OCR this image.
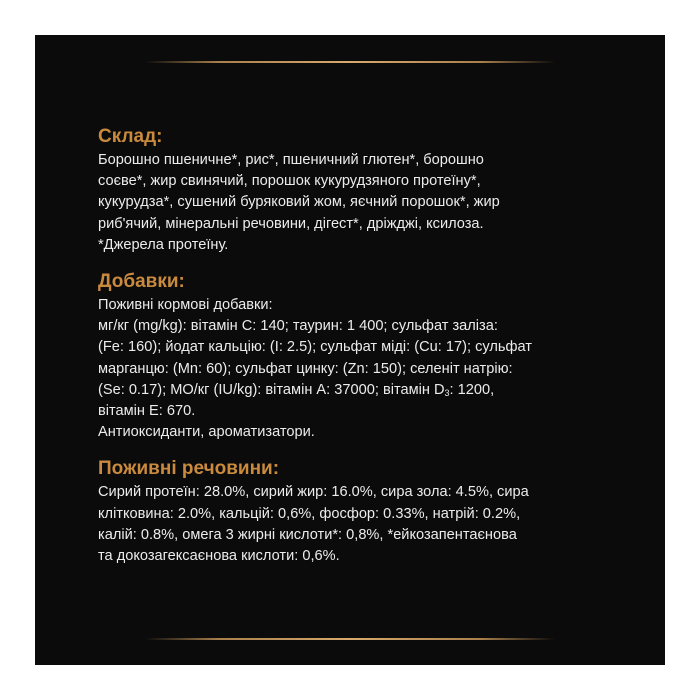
Склад:

Борошно пшеничне*, рис*, пшеничний глютен*, борошно
соєве*, жир свинячий, порошок кукурудзяного протеїну*,
кукурудза*, сушений буряковий жом, яєчний порошок*, жир
риб'ячий, мінеральні речовини, дігест*, дріжджі, ксилоза.
*Джерела протеїну.

Добавки:

Поживні кормові добавки:
мг/кг (mg/kg): вітамін С: 140; таурин: 1 400; сульфат заліза:
(Fe: 160); йодат кальцію: (I: 2.5); сульфат міді: (Cu: 17); сульфат
марганцю: (Mn: 60); сульфат цинку: (Zn: 150); селеніт натрію:
(Se: 0.17); МО/кг (IU/kg): вітамін А: 37000; вітамін $D_3$: 1200,
вітамін Е: 670.
Антиоксиданти, ароматизатори.

Поживні речовини:

Сирий протеїн: 28.0%, сирий жир: 16.0%, сира зола: 4.5%, сира
клітковина: 2.0%, кальцій: 0,6%, фосфор: 0.33%, натрій: 0.2%,
калій: 0.8%, омега 3 жирні кислоти*: 0,8%, *ейкозапентаєнова
та докозагексаєнова кислоти: 0,6%.
